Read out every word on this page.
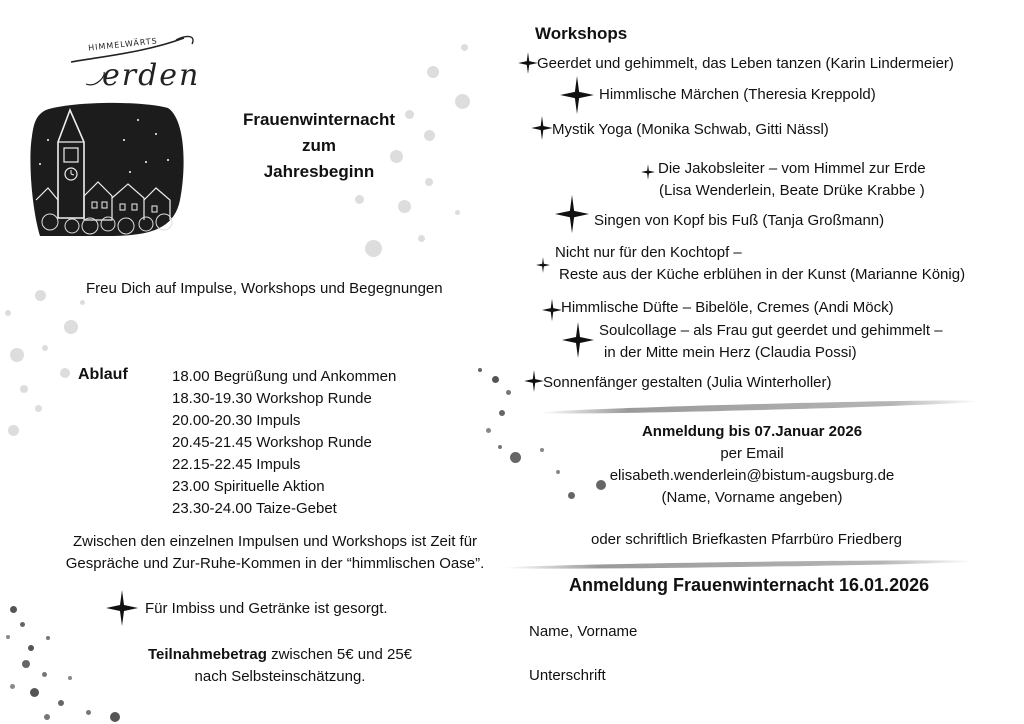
HIMMELWÄRTS
erden
Frauenwinternacht
zum
Jahresbeginn
Freu Dich auf Impulse, Workshops und Begegnungen
Ablauf	18.00 Begrüßung und Ankommen
18.30-19.30 Workshop Runde
20.00-20.30 Impuls
20.45-21.45 Workshop Runde
22.15-22.45 Impuls
23.00 Spirituelle Aktion
23.30-24.00 Taize-Gebet
Zwischen den einzelnen Impulsen und Workshops ist Zeit für
Gespräche und Zur-Ruhe-Kommen in der “himmlischen Oase”.
Für Imbiss und Getränke ist gesorgt.
Teilnahmebetrag zwischen 5€ und 25€
nach Selbsteinschätzung.
Workshops
Geerdet und gehimmelt, das Leben tanzen (Karin Lindermeier)
Himmlische Märchen (Theresia Kreppold)
Mystik Yoga (Monika Schwab, Gitti Nässl)
Die Jakobsleiter – vom Himmel zur Erde
(Lisa Wenderlein, Beate Drüke Krabbe )
Singen von Kopf bis Fuß (Tanja Großmann)
Nicht nur für den Kochtopf –
Reste aus der Küche erblühen in der Kunst (Marianne König)
Himmlische Düfte – Bibelöle, Cremes (Andi Möck)
Soulcollage – als Frau gut geerdet und gehimmelt –
in der Mitte mein Herz (Claudia Possi)
Sonnenfänger gestalten (Julia Winterholler)
Anmeldung bis 07.Januar 2026
per Email
elisabeth.wenderlein@bistum-augsburg.de
(Name, Vorname angeben)
oder schriftlich Briefkasten Pfarrbüro Friedberg
Anmeldung Frauenwinternacht 16.01.2026
Name, Vorname
Unterschrift
